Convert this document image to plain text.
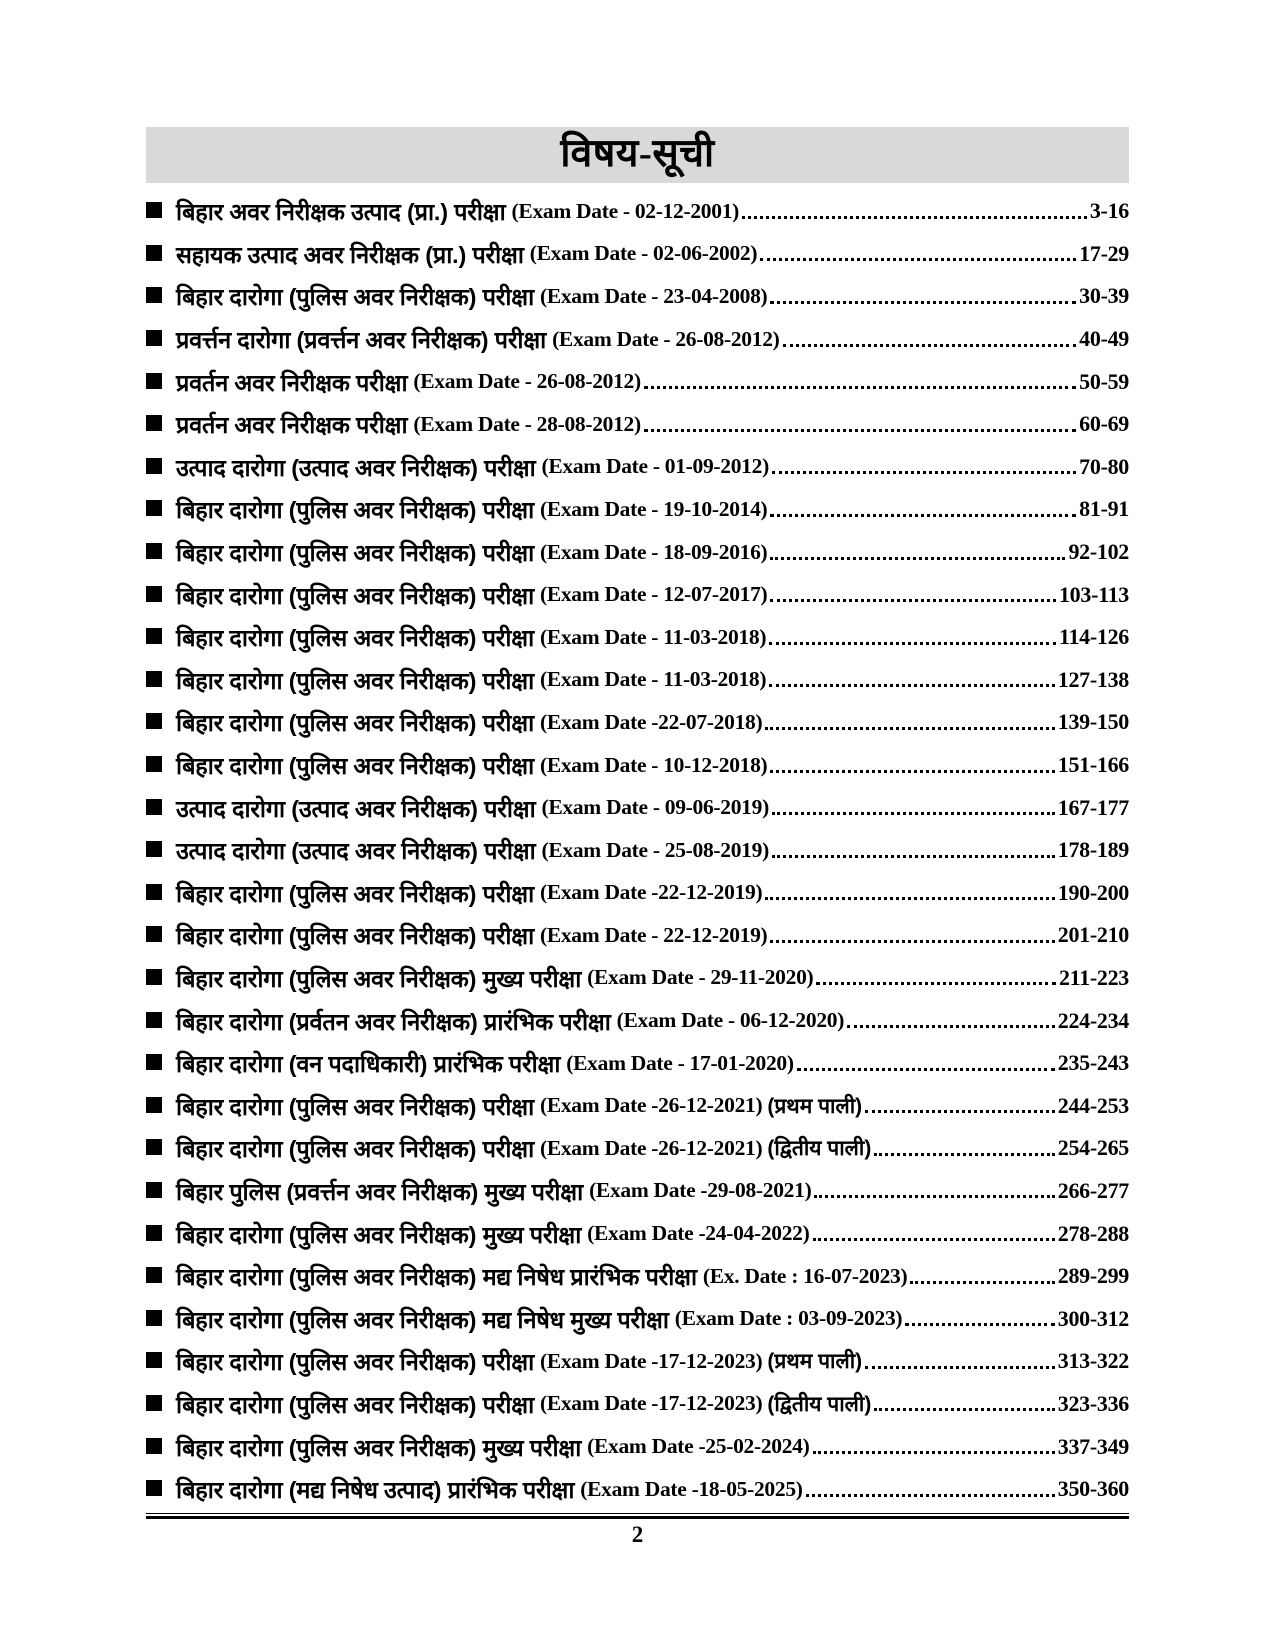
विषय-सूची
बिहार अवर निरीक्षक उत्पाद (प्रा.) परीक्षा (Exam Date - 02-12-2001)	3-16
सहायक उत्पाद अवर निरीक्षक (प्रा.) परीक्षा (Exam Date - 02-06-2002)	17-29
बिहार दारोगा (पुलिस अवर निरीक्षक) परीक्षा (Exam Date - 23-04-2008)	30-39
प्रवर्त्तन दारोगा (प्रवर्त्तन अवर निरीक्षक) परीक्षा (Exam Date - 26-08-2012)	40-49
प्रवर्तन अवर निरीक्षक परीक्षा (Exam Date - 26-08-2012)	50-59
प्रवर्तन अवर निरीक्षक परीक्षा (Exam Date - 28-08-2012)	60-69
उत्पाद दारोगा (उत्पाद अवर निरीक्षक) परीक्षा (Exam Date - 01-09-2012)	70-80
बिहार दारोगा (पुलिस अवर निरीक्षक) परीक्षा (Exam Date - 19-10-2014)	81-91
बिहार दारोगा (पुलिस अवर निरीक्षक) परीक्षा (Exam Date - 18-09-2016)	92-102
बिहार दारोगा (पुलिस अवर निरीक्षक) परीक्षा (Exam Date - 12-07-2017)	103-113
बिहार दारोगा (पुलिस अवर निरीक्षक) परीक्षा (Exam Date - 11-03-2018)	114-126
बिहार दारोगा (पुलिस अवर निरीक्षक) परीक्षा (Exam Date - 11-03-2018)	127-138
बिहार दारोगा (पुलिस अवर निरीक्षक) परीक्षा (Exam Date -22-07-2018)	139-150
बिहार दारोगा (पुलिस अवर निरीक्षक) परीक्षा (Exam Date - 10-12-2018)	151-166
उत्पाद दारोगा (उत्पाद अवर निरीक्षक) परीक्षा (Exam Date - 09-06-2019)	167-177
उत्पाद दारोगा (उत्पाद अवर निरीक्षक) परीक्षा (Exam Date - 25-08-2019)	178-189
बिहार दारोगा (पुलिस अवर निरीक्षक) परीक्षा (Exam Date -22-12-2019)	190-200
बिहार दारोगा (पुलिस अवर निरीक्षक) परीक्षा (Exam Date - 22-12-2019)	201-210
बिहार दारोगा (पुलिस अवर निरीक्षक) मुख्य परीक्षा (Exam Date - 29-11-2020)	211-223
बिहार दारोगा (प्रर्वतन अवर निरीक्षक) प्रारंभिक परीक्षा (Exam Date - 06-12-2020)	224-234
बिहार दारोगा (वन पदाधिकारी) प्रारंभिक परीक्षा (Exam Date - 17-01-2020)	235-243
बिहार दारोगा (पुलिस अवर निरीक्षक) परीक्षा (Exam Date -26-12-2021) (प्रथम पाली)	244-253
बिहार दारोगा (पुलिस अवर निरीक्षक) परीक्षा (Exam Date -26-12-2021) (द्वितीय पाली)	254-265
बिहार पुलिस (प्रवर्त्तन अवर निरीक्षक) मुख्य परीक्षा (Exam Date -29-08-2021)	266-277
बिहार दारोगा (पुलिस अवर निरीक्षक) मुख्य परीक्षा (Exam Date -24-04-2022)	278-288
बिहार दारोगा (पुलिस अवर निरीक्षक) मद्य निषेध प्रारंभिक परीक्षा (Ex. Date : 16-07-2023)	289-299
बिहार दारोगा (पुलिस अवर निरीक्षक) मद्य निषेध मुख्य परीक्षा (Exam Date : 03-09-2023)	300-312
बिहार दारोगा (पुलिस अवर निरीक्षक) परीक्षा (Exam Date -17-12-2023) (प्रथम पाली)	313-322
बिहार दारोगा (पुलिस अवर निरीक्षक) परीक्षा (Exam Date -17-12-2023) (द्वितीय पाली)	323-336
बिहार दारोगा (पुलिस अवर निरीक्षक) मुख्य परीक्षा (Exam Date -25-02-2024)	337-349
बिहार दारोगा (मद्य निषेध उत्पाद) प्रारंभिक परीक्षा (Exam Date -18-05-2025)	350-360
2
